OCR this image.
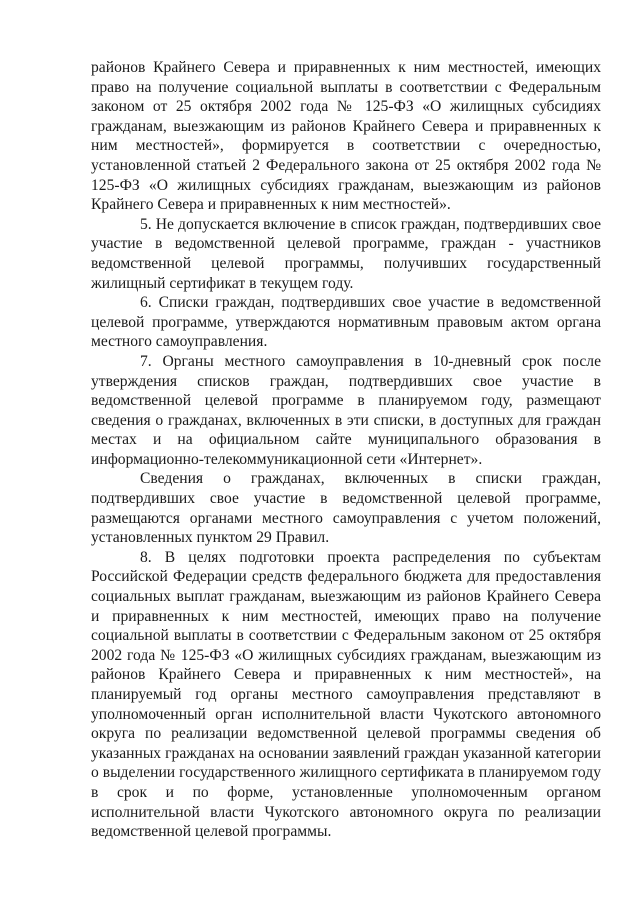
районов Крайнего Севера и приравненных к ним местностей, имеющих право на получение социальной выплаты в соответствии с Федеральным законом от 25 октября 2002 года № 125-ФЗ «О жилищных субсидиях гражданам, выезжающим из районов Крайнего Севера и приравненных к ним местностей», формируется в соответствии с очередностью, установленной статьей 2 Федерального закона от 25 октября 2002 года № 125-ФЗ «О жилищных субсидиях гражданам, выезжающим из районов Крайнего Севера и приравненных к ним местностей».

5. Не допускается включение в список граждан, подтвердивших свое участие в ведомственной целевой программе, граждан - участников ведомственной целевой программы, получивших государственный жилищный сертификат в текущем году.

6. Списки граждан, подтвердивших свое участие в ведомственной целевой программе, утверждаются нормативным правовым актом органа местного самоуправления.

7. Органы местного самоуправления в 10-дневный срок после утверждения списков граждан, подтвердивших свое участие в ведомственной целевой программе в планируемом году, размещают сведения о гражданах, включенных в эти списки, в доступных для граждан местах и на официальном сайте муниципального образования в информационно-телекоммуникационной сети «Интернет».

Сведения о гражданах, включенных в списки граждан, подтвердивших свое участие в ведомственной целевой программе, размещаются органами местного самоуправления с учетом положений, установленных пунктом 29 Правил.

8. В целях подготовки проекта распределения по субъектам Российской Федерации средств федерального бюджета для предоставления социальных выплат гражданам, выезжающим из районов Крайнего Севера и приравненных к ним местностей, имеющих право на получение социальной выплаты в соответствии с Федеральным законом от 25 октября 2002 года № 125-ФЗ «О жилищных субсидиях гражданам, выезжающим из районов Крайнего Севера и приравненных к ним местностей», на планируемый год органы местного самоуправления представляют в уполномоченный орган исполнительной власти Чукотского автономного округа по реализации ведомственной целевой программы сведения об указанных гражданах на основании заявлений граждан указанной категории о выделении государственного жилищного сертификата в планируемом году в срок и по форме, установленные уполномоченным органом исполнительной власти Чукотского автономного округа по реализации ведомственной целевой программы.
